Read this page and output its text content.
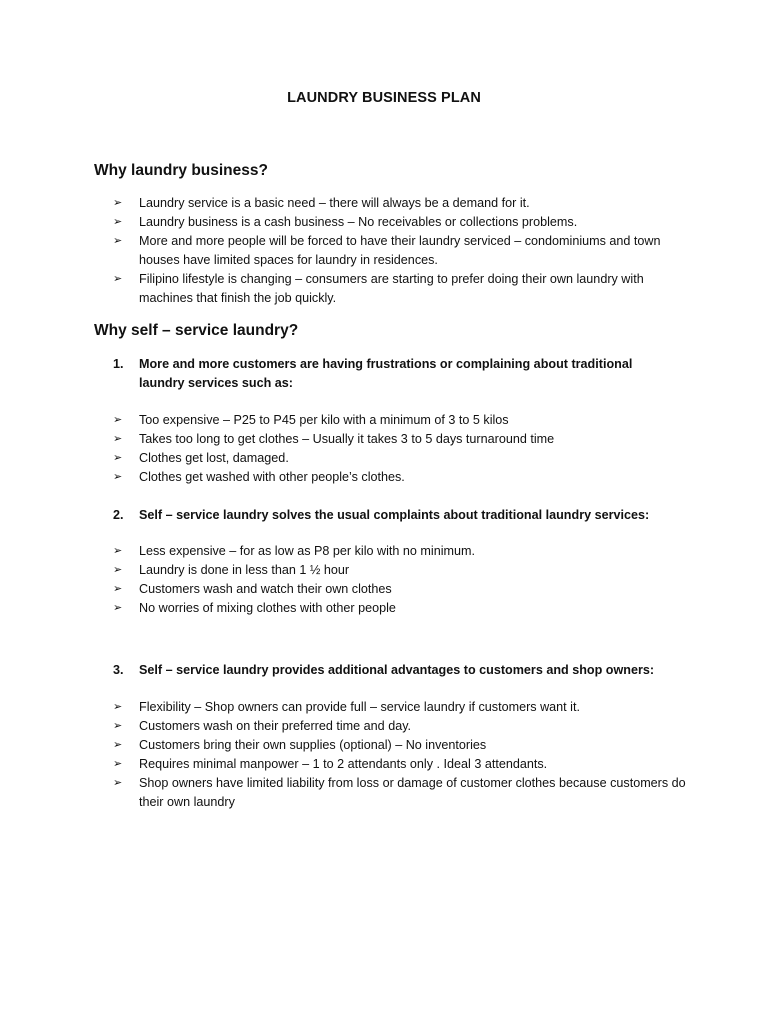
LAUNDRY BUSINESS PLAN
Why laundry business?
➢ Laundry service is a basic need – there will always be a demand for it.
➢ Laundry business is a cash business – No receivables or collections problems.
➢ More and more people will be forced to have their laundry serviced – condominiums and town houses have limited spaces for laundry in residences.
➢ Filipino lifestyle is changing – consumers are starting to prefer doing their own laundry with machines that finish the job quickly.
Why self – service laundry?
1.	More and more customers are having frustrations or complaining about traditional laundry services such as:
➢ Too expensive – P25 to P45 per kilo with a minimum of 3 to 5 kilos
➢ Takes too long to get clothes – Usually it takes 3 to 5 days turnaround time
➢ Clothes get lost, damaged.
➢ Clothes get washed with other people’s clothes.
2.	Self – service laundry solves the usual complaints about traditional laundry services:
➢ Less expensive – for as low as P8 per kilo with no minimum.
➢ Laundry is done in less than 1 ½ hour
➢ Customers wash and watch their own clothes
➢ No worries of mixing clothes with other people
3.	Self – service laundry provides additional advantages to customers and shop owners:
➢ Flexibility – Shop owners can provide full – service laundry if customers want it.
➢ Customers wash on their preferred time and day.
➢ Customers bring their own supplies (optional) – No inventories
➢ Requires minimal manpower – 1 to 2 attendants only . Ideal 3 attendants.
➢ Shop owners have limited liability from loss or damage of customer clothes because customers do their own laundry
